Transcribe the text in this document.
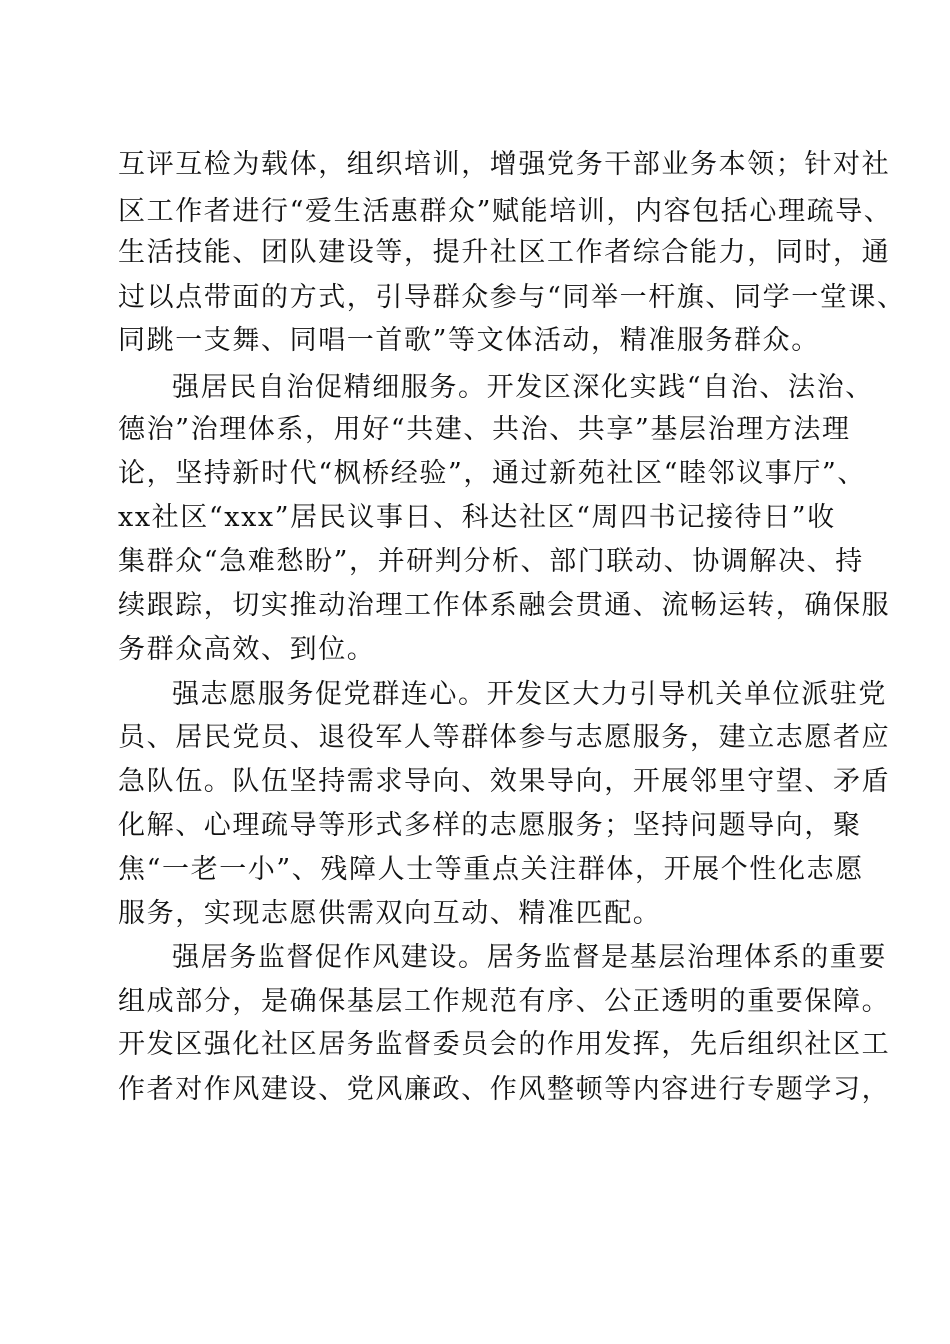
互评互检为载体，组织培训，增强党务干部业务本领；针对社
区工作者进行“爱生活惠群众”赋能培训，内容包括心理疏导、
生活技能、团队建设等，提升社区工作者综合能力，同时，通
过以点带面的方式，引导群众参与“同举一杆旗、同学一堂课、
同跳一支舞、同唱一首歌”等文体活动，精准服务群众。
强居民自治促精细服务。开发区深化实践“自治、法治、
德治”治理体系，用好“共建、共治、共享”基层治理方法理
论，坚持新时代“枫桥经验”，通过新苑社区“睦邻议事厅”、
xx社区“xxx”居民议事日、科达社区“周四书记接待日”收
集群众“急难愁盼”，并研判分析、部门联动、协调解决、持
续跟踪，切实推动治理工作体系融会贯通、流畅运转，确保服
务群众高效、到位。
强志愿服务促党群连心。开发区大力引导机关单位派驻党
员、居民党员、退役军人等群体参与志愿服务，建立志愿者应
急队伍。队伍坚持需求导向、效果导向，开展邻里守望、矛盾
化解、心理疏导等形式多样的志愿服务；坚持问题导向，聚
焦“一老一小”、残障人士等重点关注群体，开展个性化志愿
服务，实现志愿供需双向互动、精准匹配。
强居务监督促作风建设。居务监督是基层治理体系的重要
组成部分，是确保基层工作规范有序、公正透明的重要保障。
开发区强化社区居务监督委员会的作用发挥，先后组织社区工
作者对作风建设、党风廉政、作风整顿等内容进行专题学习，
